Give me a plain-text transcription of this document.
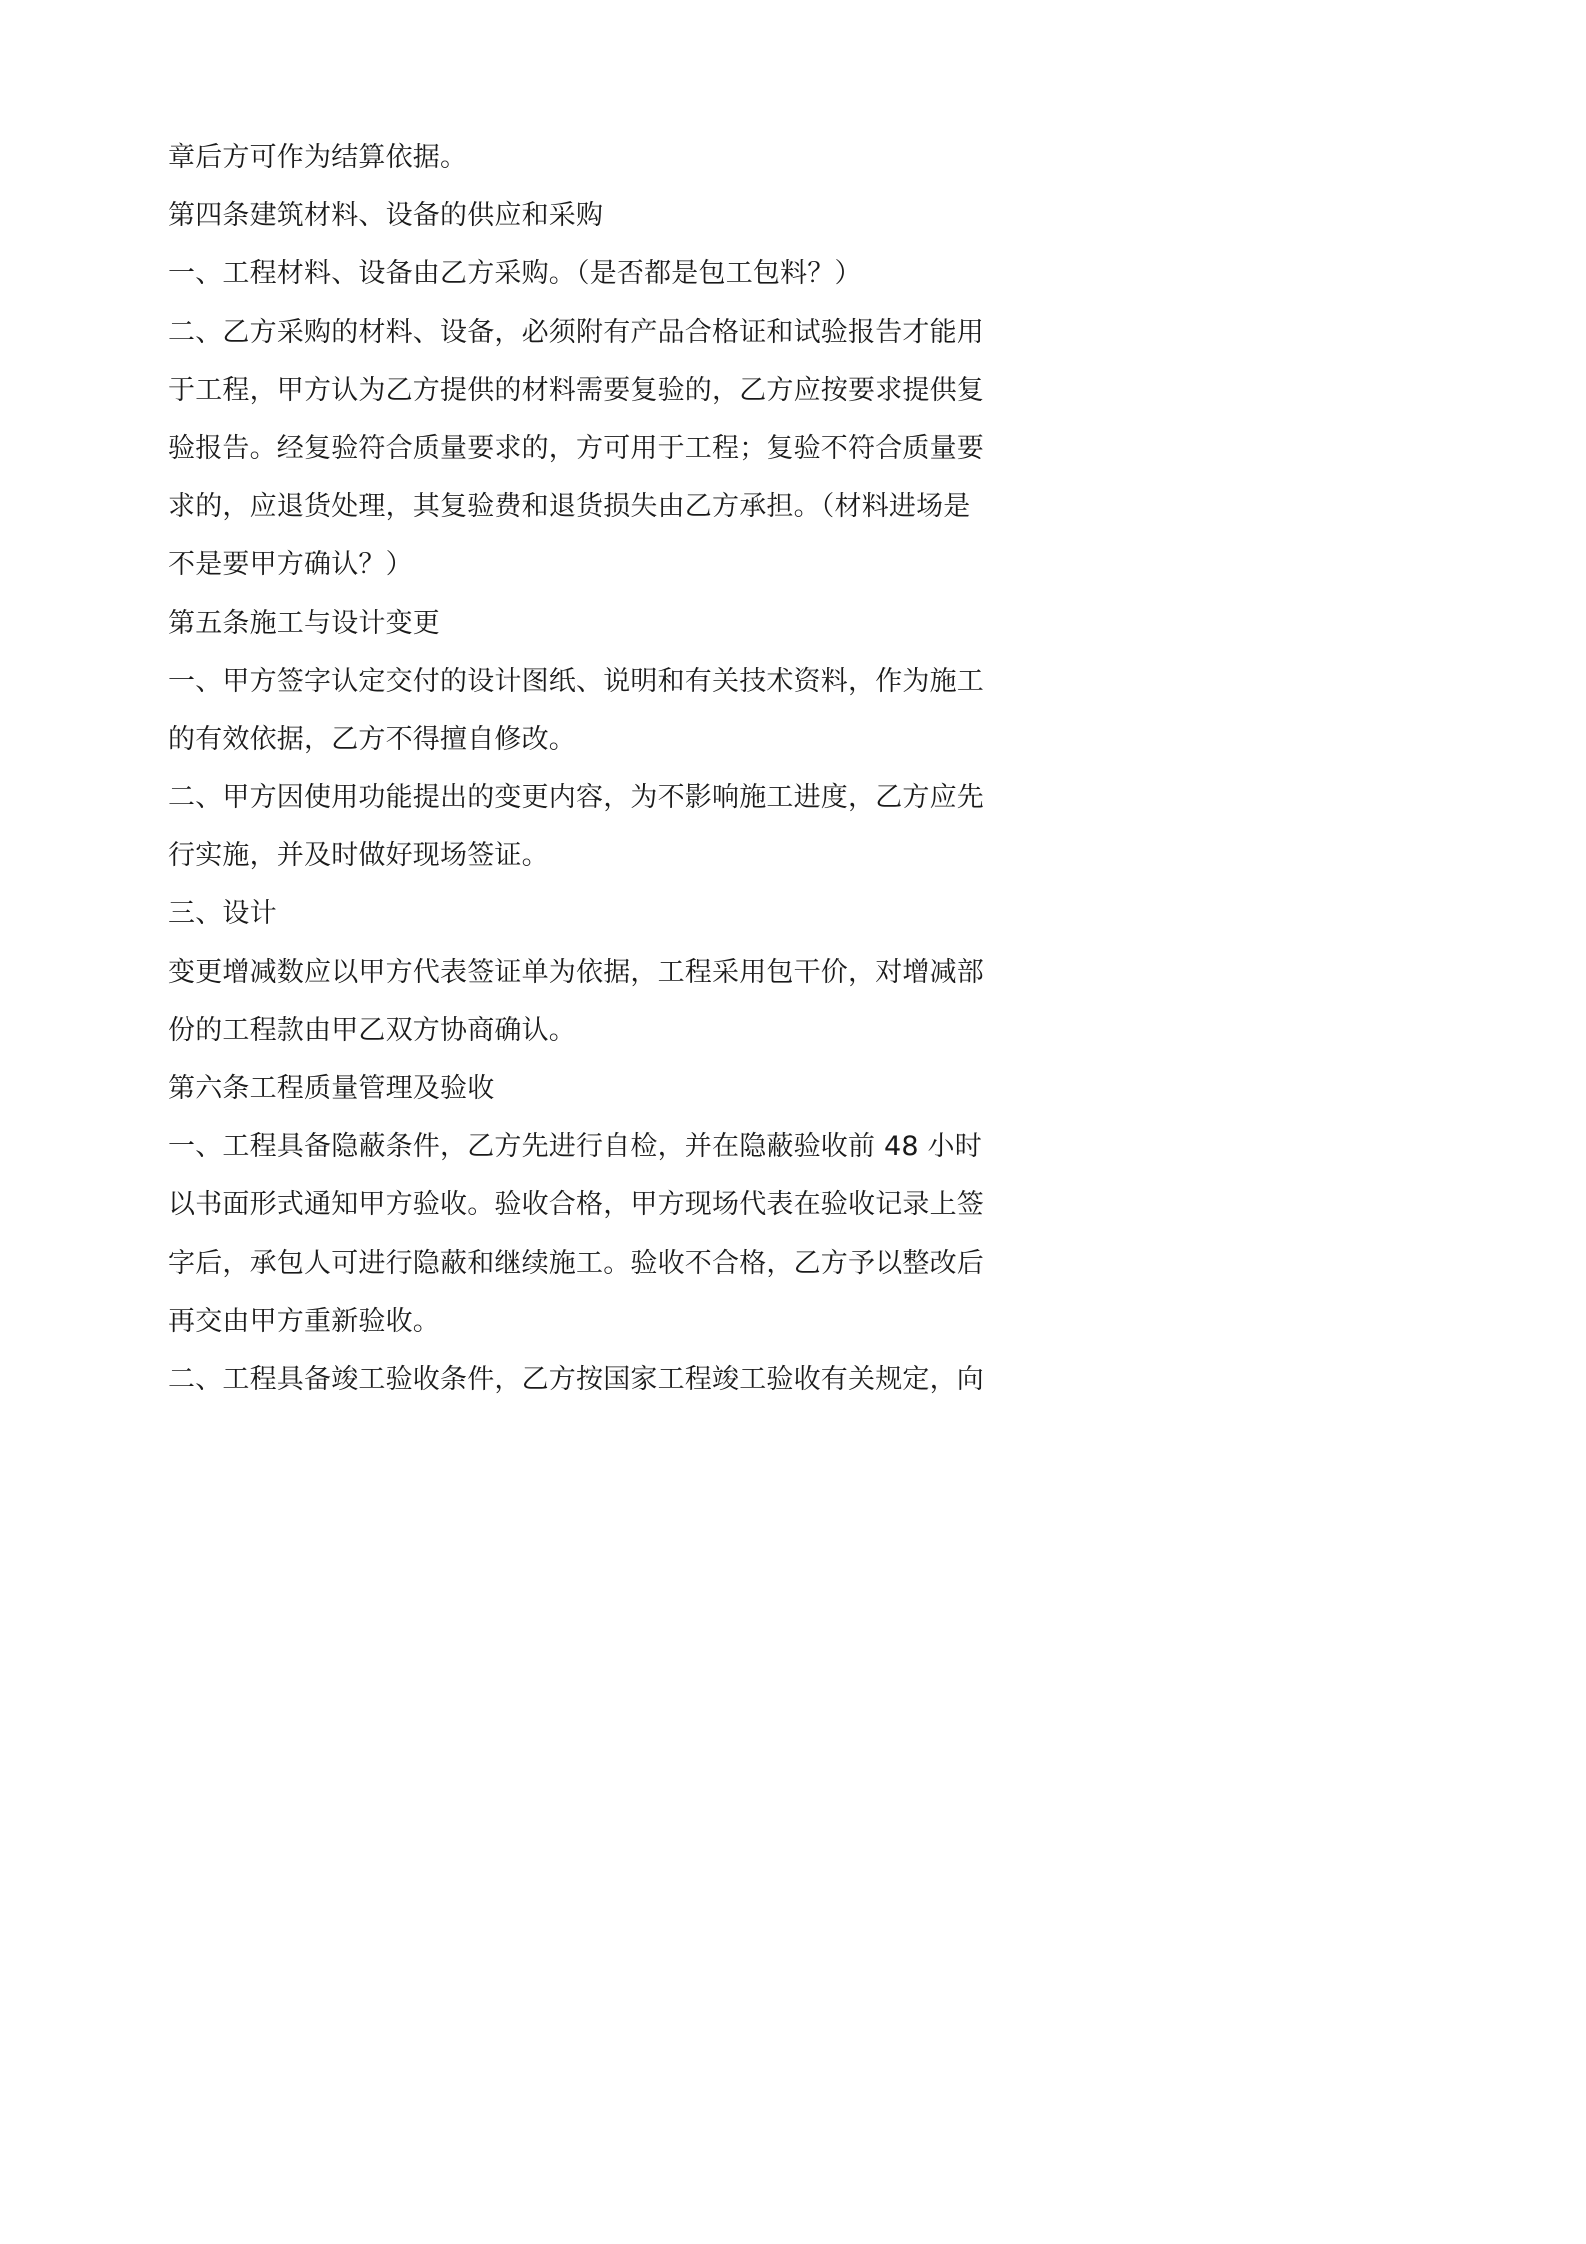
章后方可作为结算依据。
第四条建筑材料、设备的供应和采购
一、工程材料、设备由乙方采购。（是否都是包工包料？）
二、乙方采购的材料、设备，必须附有产品合格证和试验报告才能用
于工程，甲方认为乙方提供的材料需要复验的，乙方应按要求提供复
验报告。经复验符合质量要求的，方可用于工程；复验不符合质量要
求的，应退货处理，其复验费和退货损失由乙方承担。（材料进场是
不是要甲方确认？）
第五条施工与设计变更
一、甲方签字认定交付的设计图纸、说明和有关技术资料，作为施工
的有效依据，乙方不得擅自修改。
二、甲方因使用功能提出的变更内容，为不影响施工进度，乙方应先
行实施，并及时做好现场签证。
三、设计
变更增减数应以甲方代表签证单为依据，工程采用包干价，对增减部
份的工程款由甲乙双方协商确认。
第六条工程质量管理及验收
一、工程具备隐蔽条件，乙方先进行自检，并在隐蔽验收前 48 小时
以书面形式通知甲方验收。验收合格，甲方现场代表在验收记录上签
字后，承包人可进行隐蔽和继续施工。验收不合格，乙方予以整改后
再交由甲方重新验收。
二、工程具备竣工验收条件，乙方按国家工程竣工验收有关规定，向
